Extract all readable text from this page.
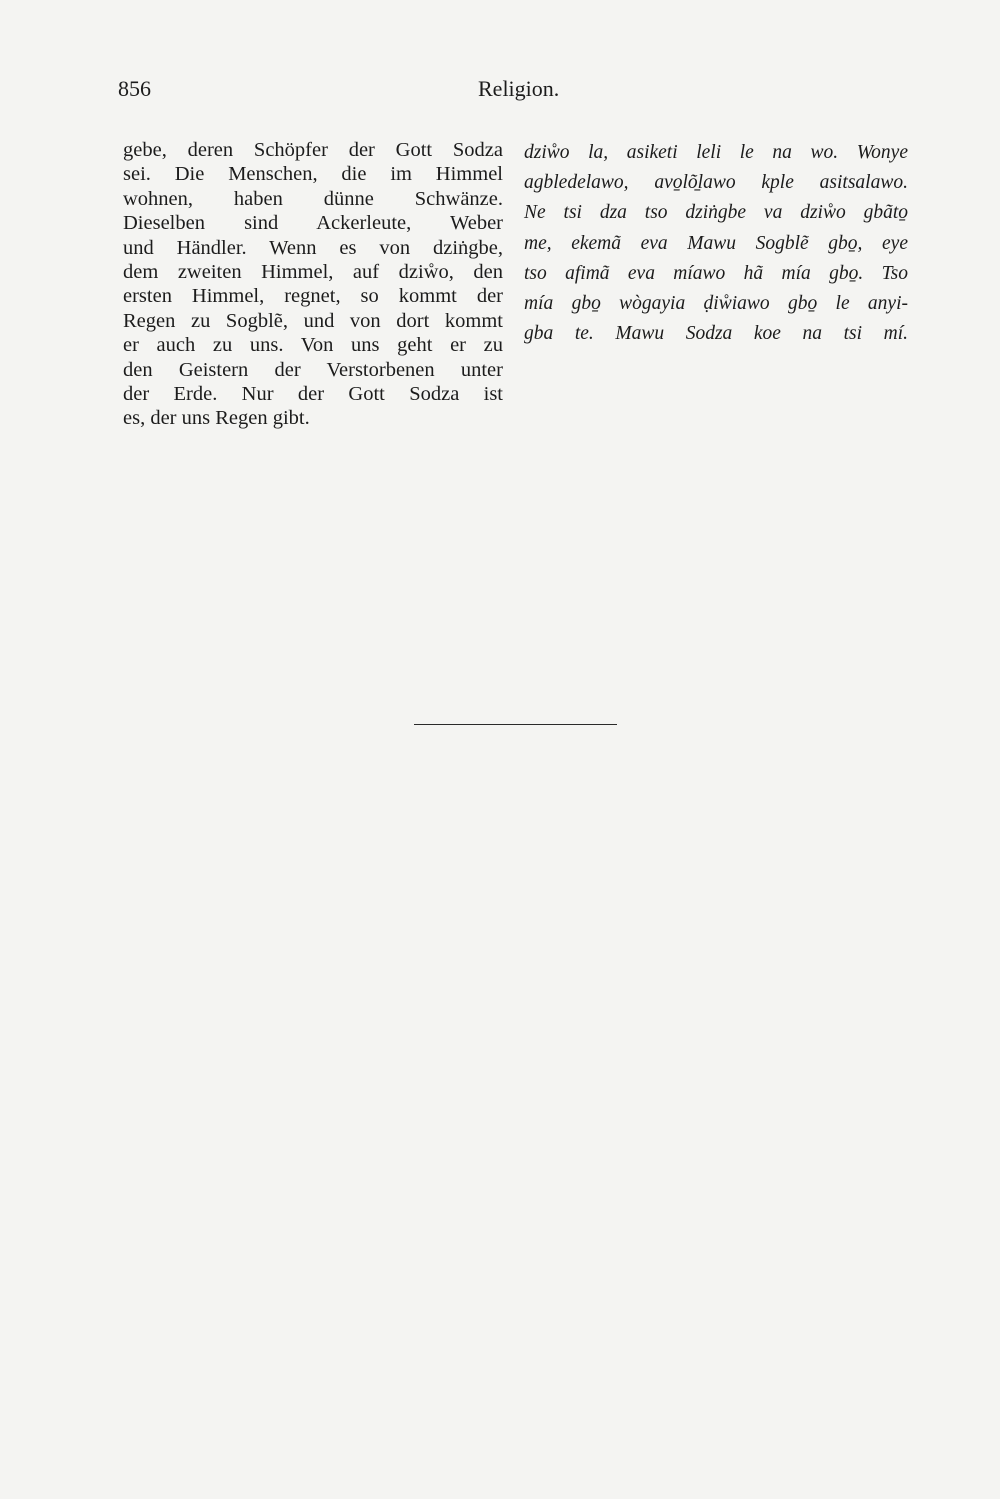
856	Religion.
gebe, deren Schöpfer der Gott Sodza
sei. Die Menschen, die im Himmel
wohnen, haben dünne Schwänze.
Dieselben sind Ackerleute, Weber
und Händler. Wenn es von dziṅgbe,
dem zweiten Himmel, auf dziẘo, den
ersten Himmel, regnet, so kommt der
Regen zu Sogblẽ, und von dort kommt
er auch zu uns. Von uns geht er zu
den Geistern der Verstorbenen unter
der Erde. Nur der Gott Sodza ist
es, der uns Regen gibt.
dziẘo la, asiketi leli le na wo. Wonye
agbledelawo, avo̱lõ̱lawo kple asitsalawo.
Ne tsi dza tso dziṅgbe va dziẘo gbãto̱
me, ekemã eva Mawu Sogblẽ gbo̱, eye
tso afimã eva míawo hã mía gbo̱. Tso
mía gbo̱ wògayia ḍiẘiawo gbo̱ le anyi-
gba te. Mawu Sodza koe na tsi mí.
